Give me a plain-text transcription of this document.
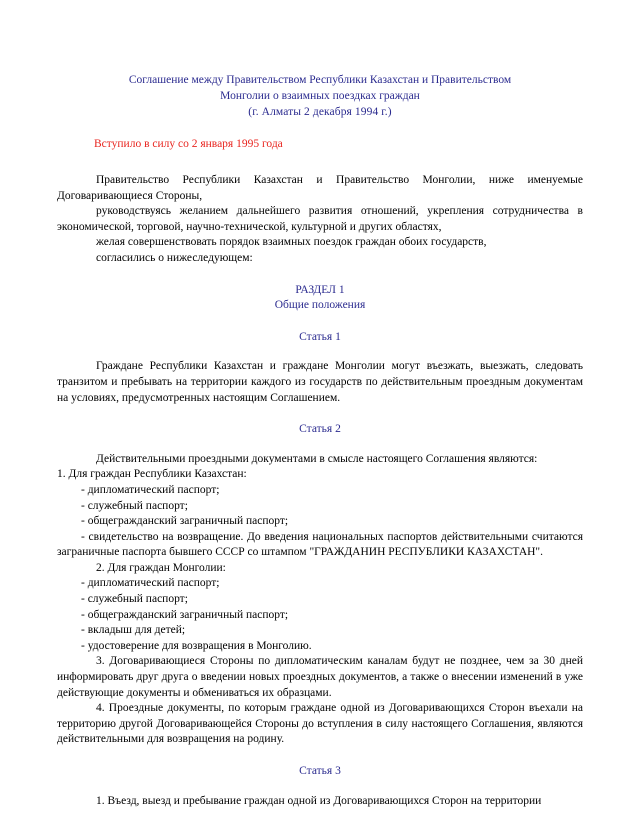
Соглашение между Правительством Республики Казахстан и Правительством
Монголии о взаимных поездках граждан
(г. Алматы 2 декабря 1994 г.)
Вступило в силу со 2 января 1995 года

Правительство Республики Казахстан и Правительство Монголии, ниже именуемые Договаривающиеся Стороны,

руководствуясь желанием дальнейшего развития отношений, укрепления сотрудничества в экономической, торговой, научно-технической, культурной и других областях,

желая совершенствовать порядок взаимных поездок граждан обоих государств,

согласились о нижеследующем:

РАЗДЕЛ 1
Общие положения
Статья 1

Граждане Республики Казахстан и граждане Монголии могут въезжать, выезжать, следовать транзитом и пребывать на территории каждого из государств по действительным проездным документам на условиях, предусмотренных настоящим Соглашением.

Статья 2

Действительными проездными документами в смысле настоящего Соглашения являются:

1. Для граждан Республики Казахстан:

- дипломатический паспорт;

- служебный паспорт;

- общегражданский заграничный паспорт;

- свидетельство на возвращение. До введения национальных паспортов действительными считаются заграничные паспорта бывшего СССР со штампом "ГРАЖДАНИН РЕСПУБЛИКИ КАЗАХСТАН".

2. Для граждан Монголии:

- дипломатический паспорт;

- служебный паспорт;

- общегражданский заграничный паспорт;

- вкладыш для детей;

- удостоверение для возвращения в Монголию.

3. Договаривающиеся Стороны по дипломатическим каналам будут не позднее, чем за 30 дней информировать друг друга о введении новых проездных документов, а также о внесении изменений в уже действующие документы и обмениваться их образцами.

4. Проездные документы, по которым граждане одной из Договаривающихся Сторон въехали на территорию другой Договаривающейся Стороны до вступления в силу настоящего Соглашения, являются действительными для возвращения на родину.

Статья 3

1. Въезд, выезд и пребывание граждан одной из Договаривающихся Сторон на территории
